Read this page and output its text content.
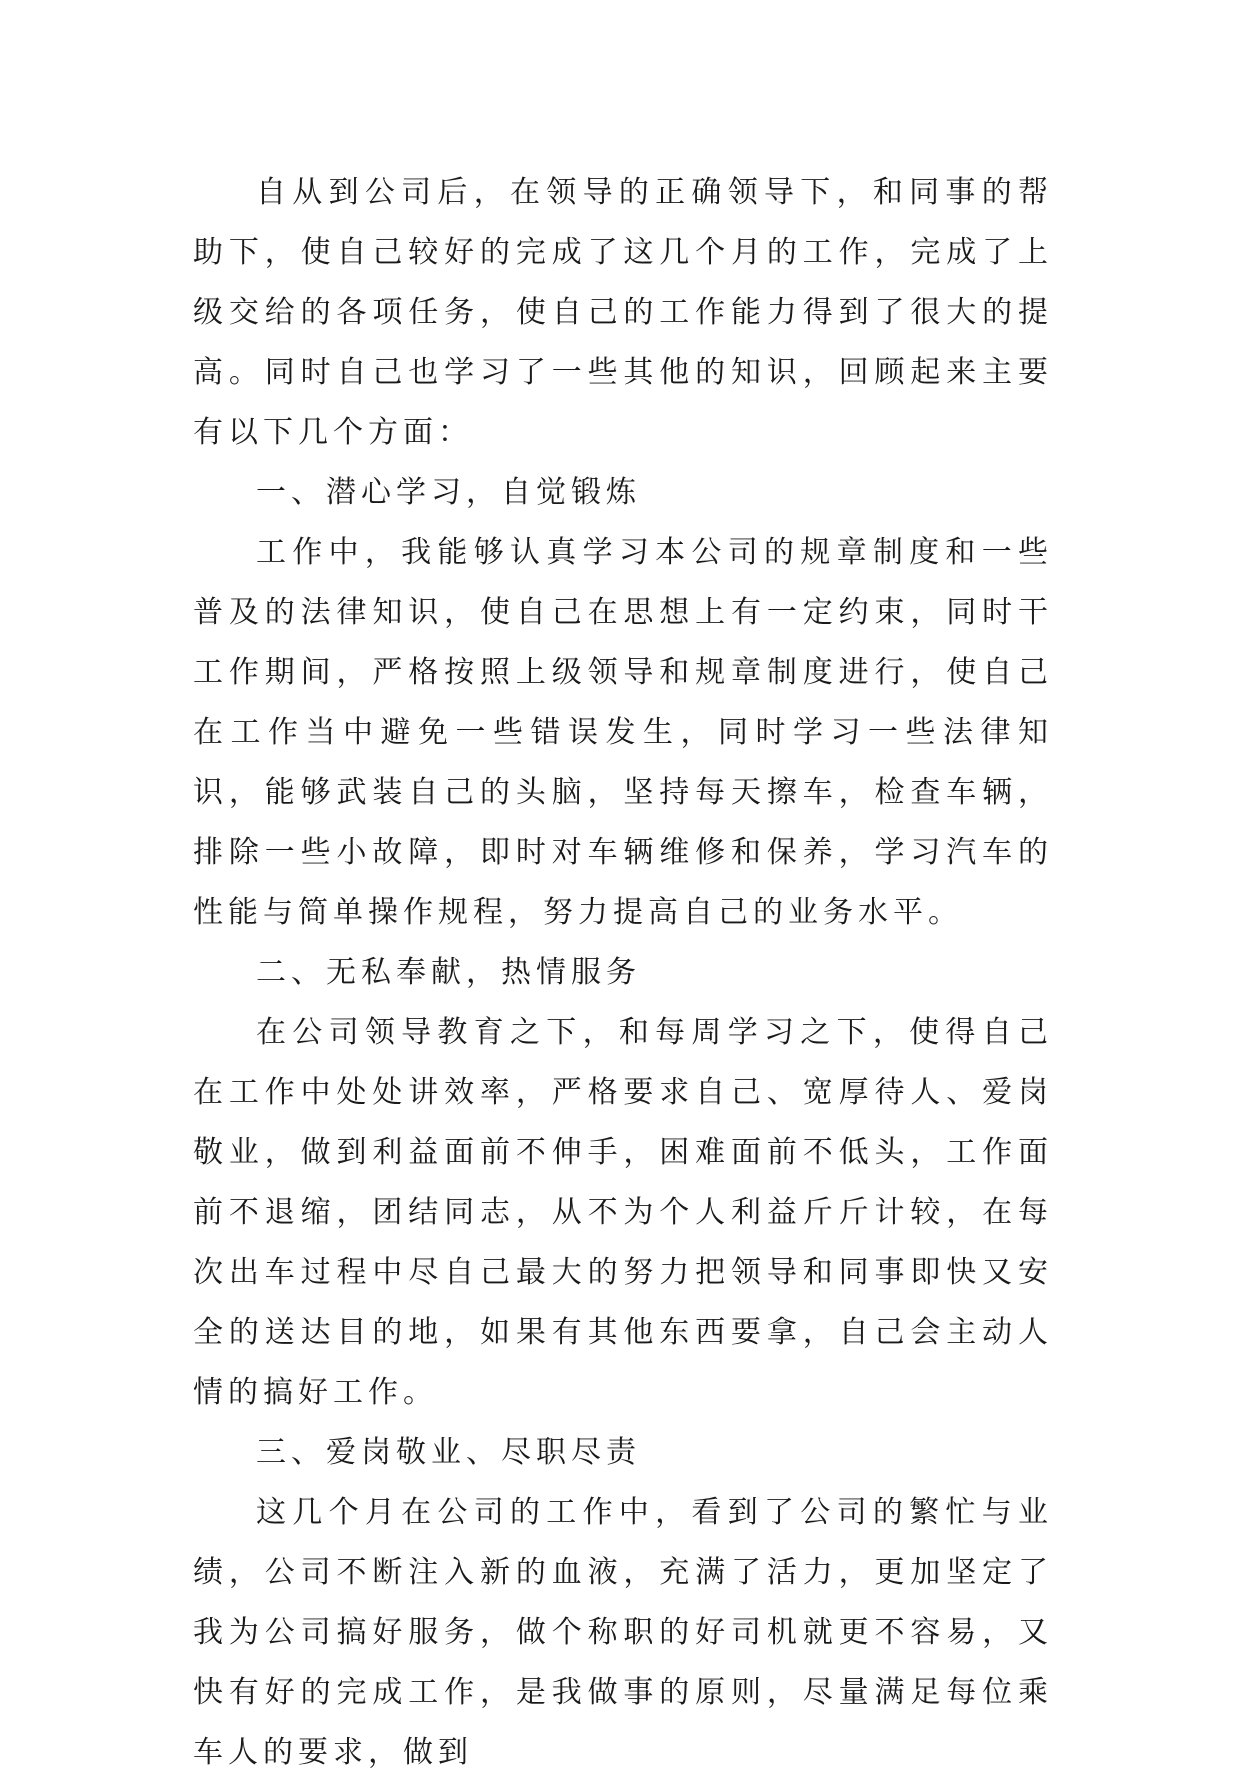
自从到公司后，在领导的正确领导下，和同事的帮助下，使自己较好的完成了这几个月的工作，完成了上级交给的各项任务，使自己的工作能力得到了很大的提高。同时自己也学习了一些其他的知识，回顾起来主要有以下几个方面：

一、潜心学习，自觉锻炼

工作中，我能够认真学习本公司的规章制度和一些普及的法律知识，使自己在思想上有一定约束，同时干工作期间，严格按照上级领导和规章制度进行，使自己在工作当中避免一些错误发生，同时学习一些法律知识，能够武装自己的头脑，坚持每天擦车，检查车辆，排除一些小故障，即时对车辆维修和保养，学习汽车的性能与简单操作规程，努力提高自己的业务水平。

二、无私奉献，热情服务

在公司领导教育之下，和每周学习之下，使得自己在工作中处处讲效率，严格要求自己、宽厚待人、爱岗敬业，做到利益面前不伸手，困难面前不低头，工作面前不退缩，团结同志，从不为个人利益斤斤计较，在每次出车过程中尽自己最大的努力把领导和同事即快又安全的送达目的地，如果有其他东西要拿，自己会主动人情的搞好工作。

三、爱岗敬业、尽职尽责

这几个月在公司的工作中，看到了公司的繁忙与业绩，公司不断注入新的血液，充满了活力，更加坚定了我为公司搞好服务，做个称职的好司机就更不容易，又快有好的完成工作，是我做事的原则，尽量满足每位乘车人的要求，做到
